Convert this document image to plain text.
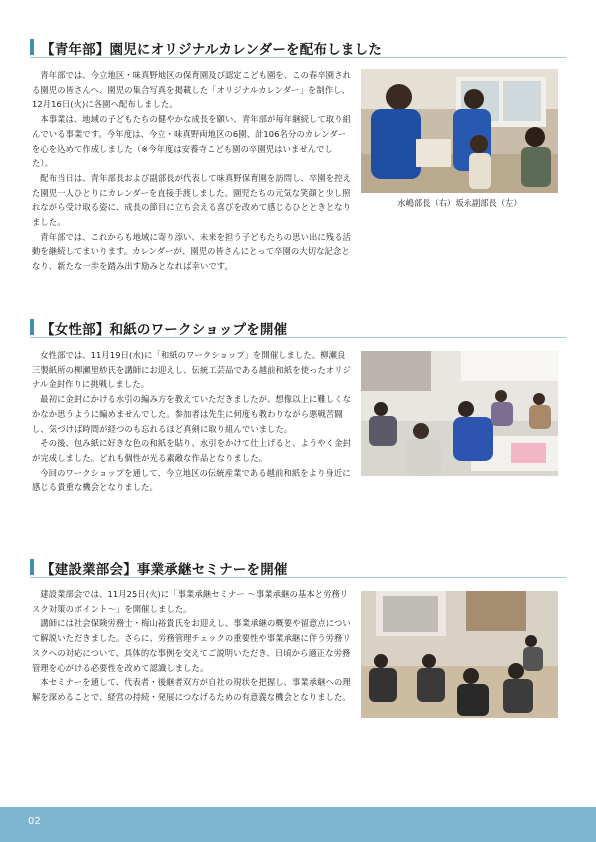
【青年部】園児にオリジナルカレンダーを配布しました

青年部では、今立地区・味真野地区の保育園及び認定こども園を、この春卒園される園児の皆さんへ、園児の集合写真を掲載した「オリジナルカレンダー」を制作し、12月16日(火)に各園へ配布しました。

本事業は、地域の子どもたちの健やかな成長を願い、青年部が毎年継続して取り組んでいる事業です。今年度は、今立・味真野両地区の6園、計106名分のカレンダーを心を込めて作成しました（※今年度は安養寺こども園の卒園児はいませんでした）。

配布当日は、青年部長および副部長が代表して味真野保育園を訪問し、卒園を控えた園児一人ひとりにカレンダーを直接手渡しました。園児たちの元気な笑顔と少し照れながら受け取る姿に、成長の節目に立ち会える喜びを改めて感じるひとときとなりました。

青年部では、これからも地域に寄り添い、未来を担う子どもたちの思い出に残る活動を継続してまいります。カレンダーが、園児の皆さんにとって卒園の大切な記念となり、新たな一歩を踏み出す励みとなれば幸いです。

水嶋部長（右）坂永副部長（左）
【女性部】和紙のワークショップを開催

女性部では、11月19日(水)に「和紙のワークショップ」を開催しました。柳瀬良三製紙所の柳瀬里紗氏を講師にお迎えし、伝統工芸品である越前和紙を使ったオリジナル金封作りに挑戦しました。

最初に金封にかける水引の編み方を教えていただきましたが、想像以上に難しくなかなか思うように編めませんでした。参加者は先生に何度も教わりながら悪戦苦闘し、気づけば時間が経つのも忘れるほど真剣に取り組んでいました。

その後、包み紙に好きな色の和紙を貼り、水引をかけて仕上げると、ようやく金封が完成しました。どれも個性が光る素敵な作品となりました。

今回のワークショップを通して、今立地区の伝統産業である越前和紙をより身近に感じる貴重な機会となりました。

【建設業部会】事業承継セミナーを開催

建設業部会では、11月25日(火)に「事業承継セミナー ～事業承継の基本と労務リスク対策のポイント～」を開催しました。

講師には社会保険労務士・梅山裕貴氏をお迎えし、事業承継の概要や留意点について解説いただきました。さらに、労務管理チェックの重要性や事業承継に伴う労務リスクへの対応について、具体的な事例を交えてご説明いただき、日頃から適正な労務管理を心がける必要性を改めて認識しました。

本セミナーを通して、代表者・後継者双方が自社の現状を把握し、事業承継への理解を深めることで、経営の持続・発展につなげるための有意義な機会となりました。

02
